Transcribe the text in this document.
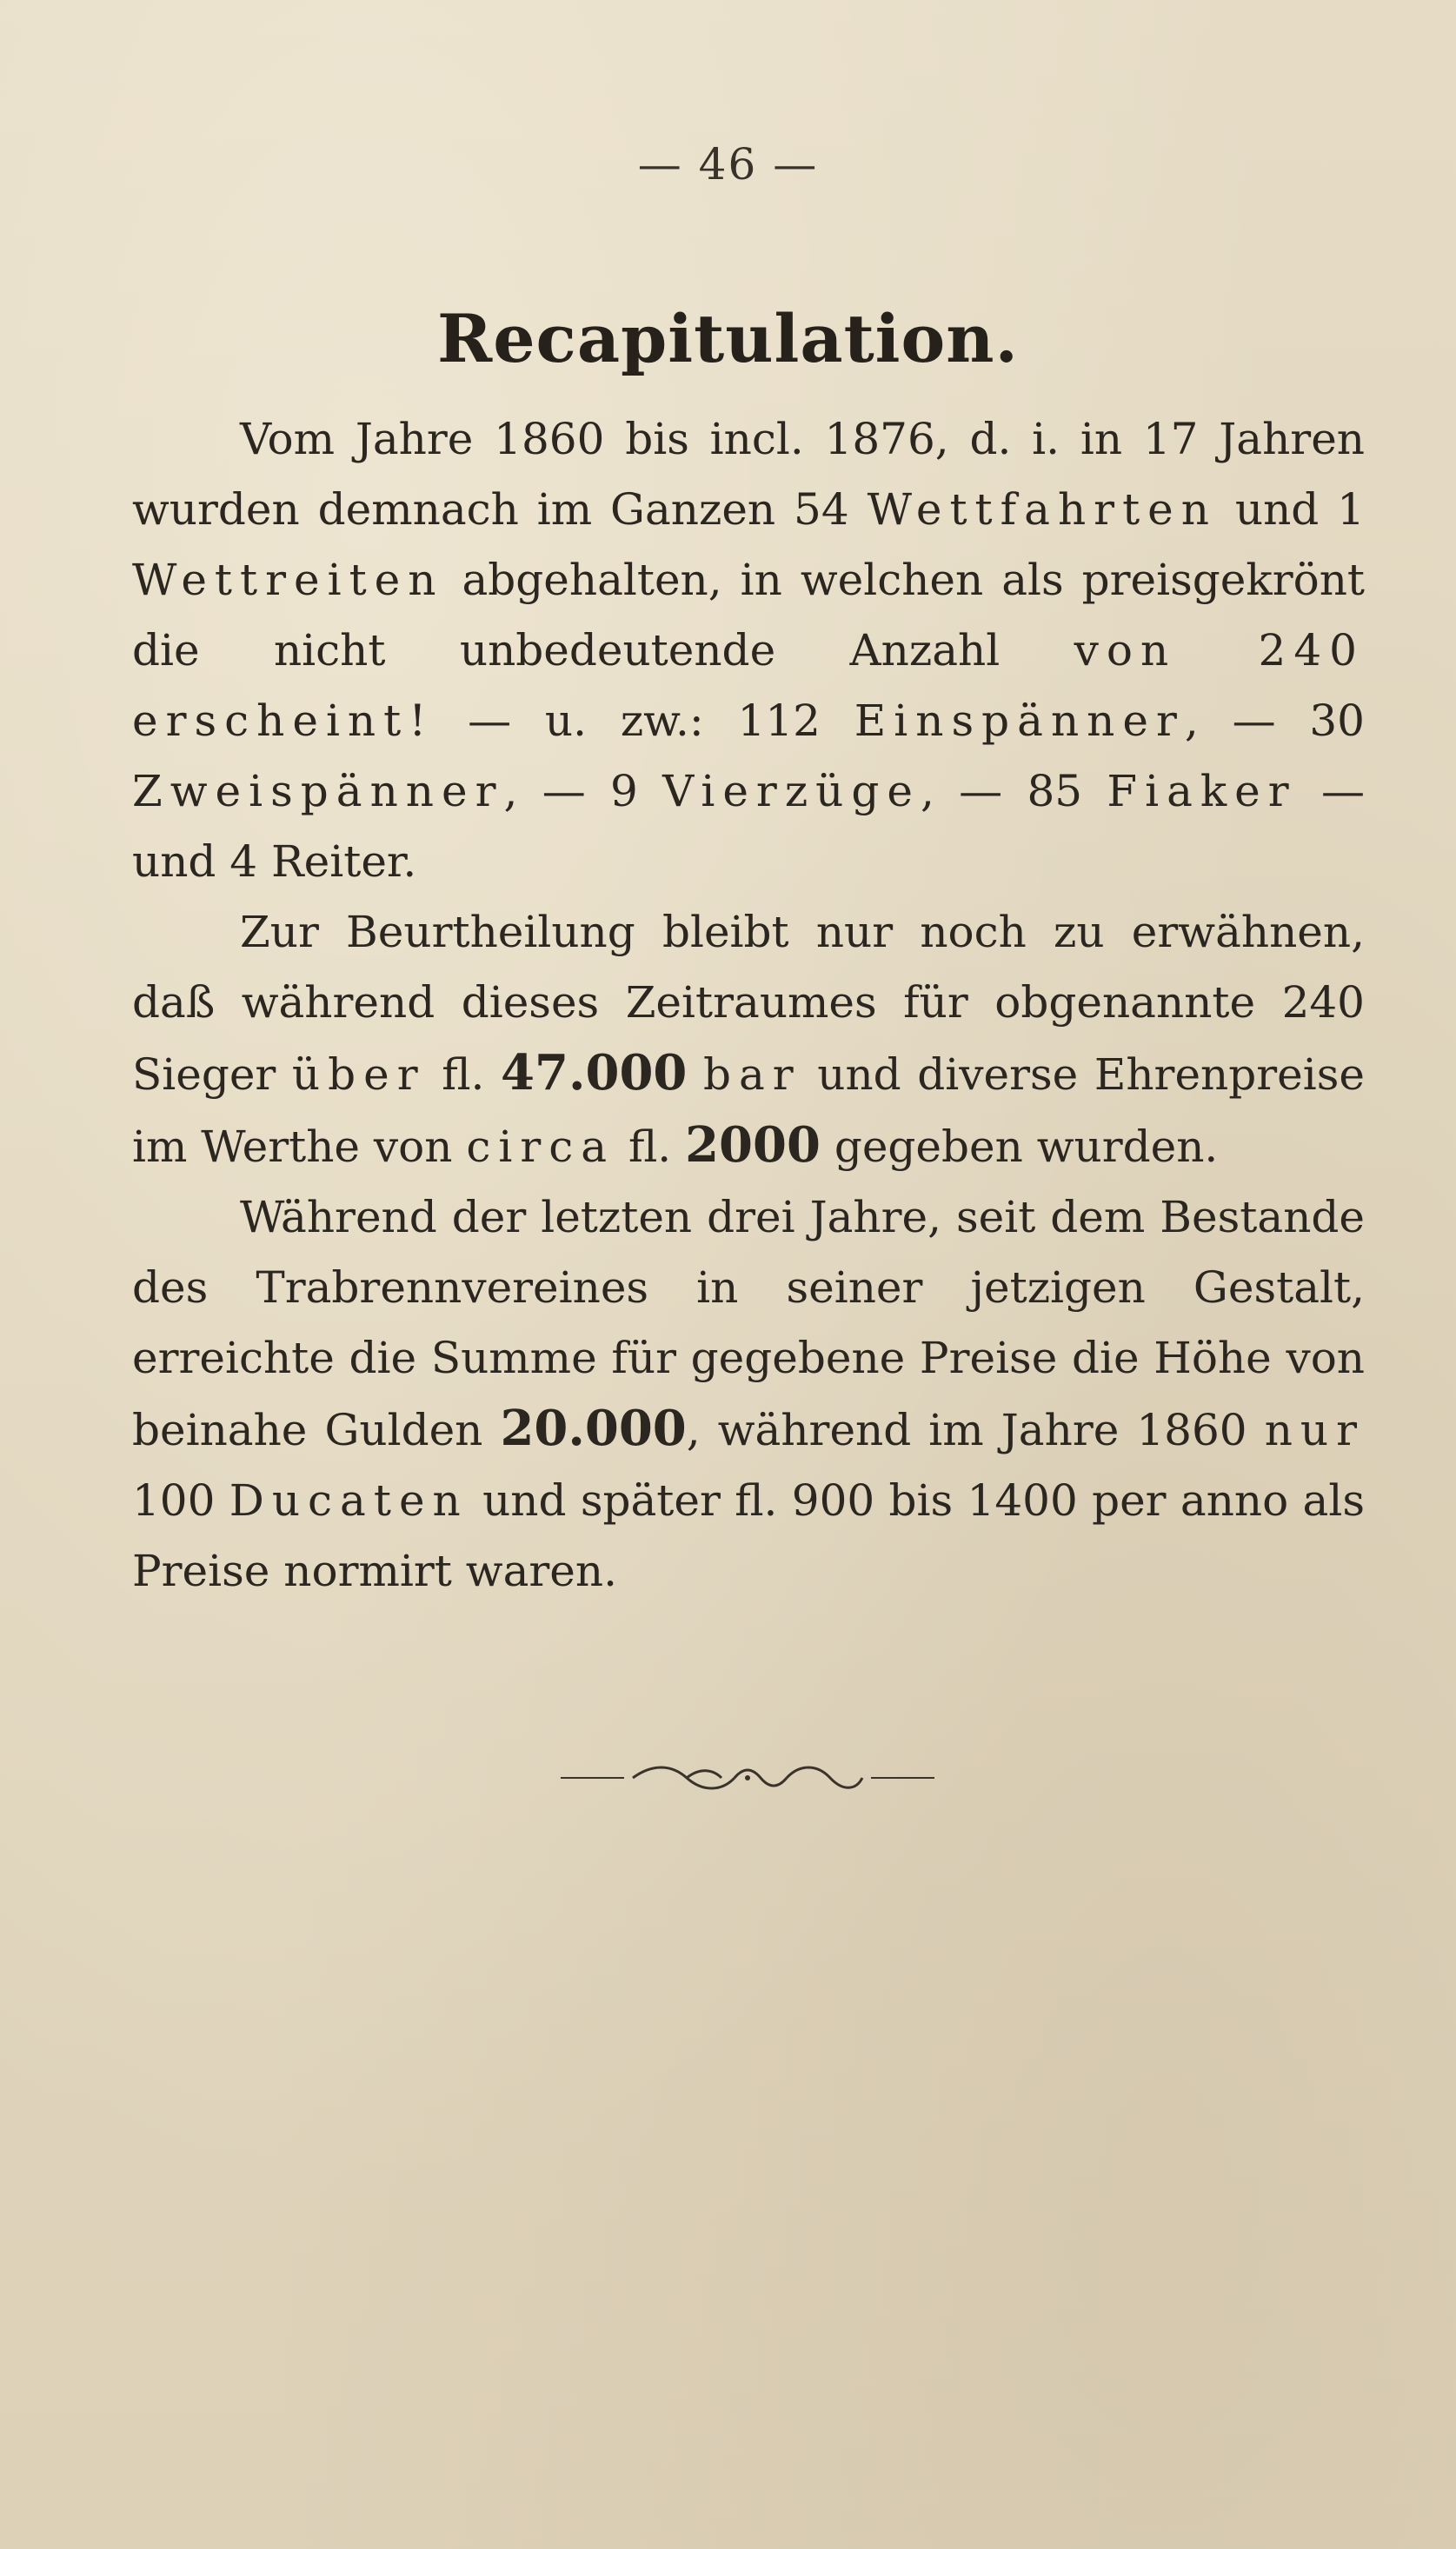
— 46 —
Recapitulation.

Vom Jahre 1860 bis incl. 1876, d. i. in 17 Jahren wurden demnach im Ganzen 54 Wettfahrten und 1 Wettreiten abgehalten, in welchen als preisgekrönt die nicht unbedeutende Anzahl von 240 erscheint! — u. zw.: 112 Einspänner, — 30 Zweispänner, — 9 Vierzüge, — 85 Fiaker — und 4 Reiter.

Zur Beurtheilung bleibt nur noch zu erwähnen, daß während dieses Zeitraumes für obgenannte 240 Sieger über fl. 47.000 bar und diverse Ehrenpreise im Werthe von circa fl. 2000 gegeben wurden.

Während der letzten drei Jahre, seit dem Bestande des Trabrennvereines in seiner jetzigen Gestalt, erreichte die Summe für gegebene Preise die Höhe von beinahe Gulden 20.000, während im Jahre 1860 nur 100 Ducaten und später fl. 900 bis 1400 per anno als Preise normirt waren.
